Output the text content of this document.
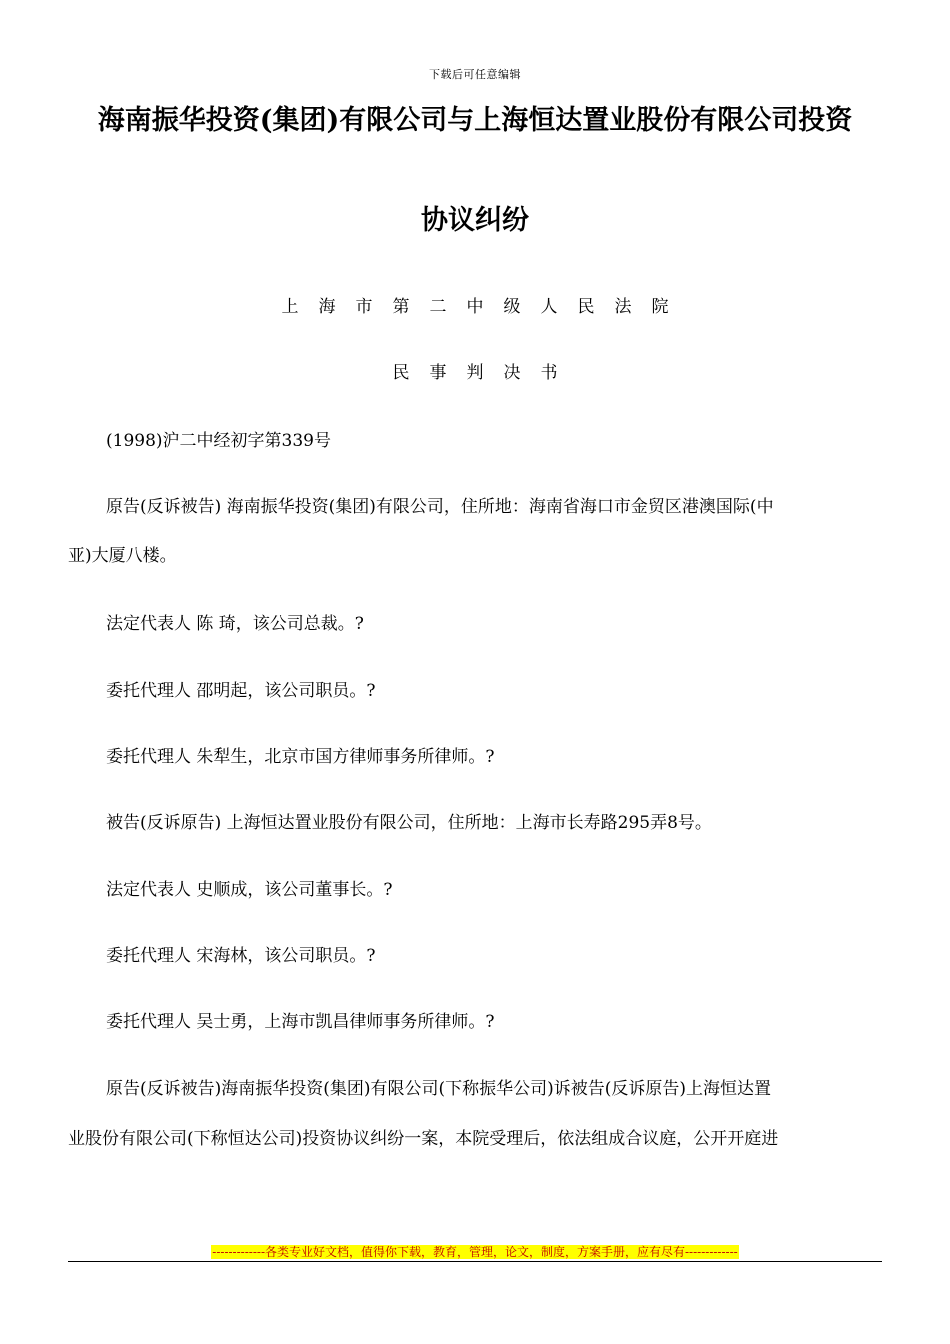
下载后可任意编辑
海南振华投资(集团)有限公司与上海恒达置业股份有限公司投资
协议纠纷
上海市第二中级人民法院
民事判决书
(1998)沪二中经初字第339号
原告(反诉被告) 海南振华投资(集团)有限公司，住所地：海南省海口市金贸区港澳国际(中
亚)大厦八楼。
法定代表人 陈 琦，该公司总裁。?
委托代理人 邵明起，该公司职员。?
委托代理人 朱犁生，北京市国方律师事务所律师。?
被告(反诉原告) 上海恒达置业股份有限公司，住所地：上海市长寿路295弄8号。
法定代表人 史顺成，该公司董事长。?
委托代理人 宋海林，该公司职员。?
委托代理人 吴士勇，上海市凯昌律师事务所律师。?
原告(反诉被告)海南振华投资(集团)有限公司(下称振华公司)诉被告(反诉原告)上海恒达置
业股份有限公司(下称恒达公司)投资协议纠纷一案，本院受理后，依法组成合议庭，公开开庭进
-------------各类专业好文档，值得你下载，教育，管理，论文，制度，方案手册，应有尽有-------------
